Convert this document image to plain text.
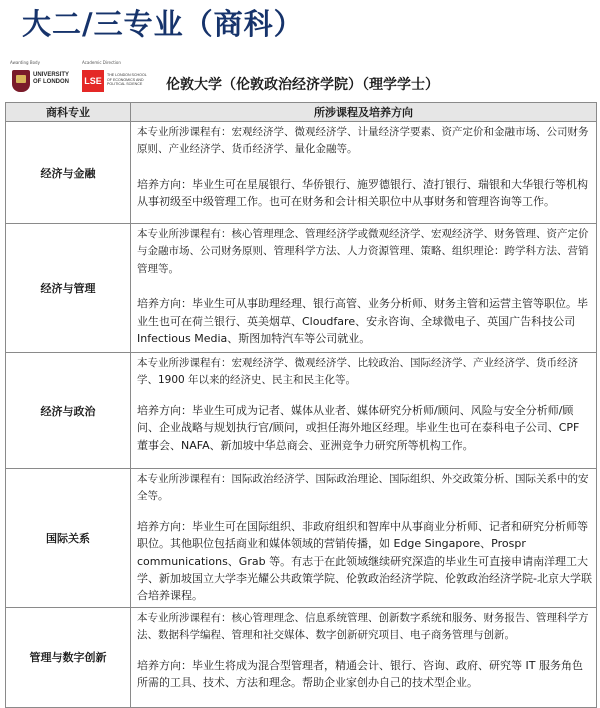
大二/三专业（商科）
Awarding Body
UNIVERSITY
OF LONDON
Academic Direction
LSE
THE LONDON SCHOOL
OF ECONOMICS AND
POLITICAL SCIENCE	伦敦大学（伦敦政治经济学院）（理学学士）
商科专业	所涉课程及培养方向
经济与金融	本专业所涉课程有：宏观经济学、微观经济学、计量经济学要素、资产定价和金融市场、公司财务原则、产业经济学、货币经济学、量化金融等。

培养方向：毕业生可在星展银行、华侨银行、施罗德银行、渣打银行、瑞银和大华银行等机构从事初级至中级管理工作。也可在财务和会计相关职位中从事财务和管理咨询等工作。

经济与管理	本专业所涉课程有：核心管理理念、管理经济学或微观经济学、宏观经济学、财务管理、资产定价与金融市场、公司财务原则、管理科学方法、人力资源管理、策略、组织理论：跨学科方法、营销管理等。

培养方向：毕业生可从事助理经理、银行高管、业务分析师、财务主管和运营主管等职位。毕业生也可在荷兰银行、英美烟草、Cloudfare、安永咨询、全球微电子、英国广告科技公司 Infectious Media、斯图加特汽车等公司就业。

经济与政治	本专业所涉课程有：宏观经济学、微观经济学、比较政治、国际经济学、产业经济学、货币经济学、1900 年以来的经济史、民主和民主化等。

培养方向：毕业生可成为记者、媒体从业者、媒体研究分析师/顾问、风险与安全分析师/顾问、企业战略与规划执行官/顾问，或担任海外地区经理。毕业生也可在泰科电子公司、CPF 董事会、NAFA、新加坡中华总商会、亚洲竞争力研究所等机构工作。

国际关系	本专业所涉课程有：国际政治经济学、国际政治理论、国际组织、外交政策分析、国际关系中的安全等。

培养方向：毕业生可在国际组织、非政府组织和智库中从事商业分析师、记者和研究分析师等职位。其他职位包括商业和媒体领域的营销传播，如 Edge Singapore、Prospr communications、Grab 等。有志于在此领域继续研究深造的毕业生可直接申请南洋理工大学、新加坡国立大学李光耀公共政策学院、伦敦政治经济学院、伦敦政治经济学院-北京大学联合培养课程。

管理与数字创新	本专业所涉课程有：核心管理理念、信息系统管理、创新数字系统和服务、财务报告、管理科学方法、数据科学编程、管理和社交媒体、数字创新研究项目、电子商务管理与创新。

培养方向：毕业生将成为混合型管理者，精通会计、银行、咨询、政府、研究等 IT 服务角色所需的工具、技术、方法和理念。帮助企业家创办自己的技术型企业。
